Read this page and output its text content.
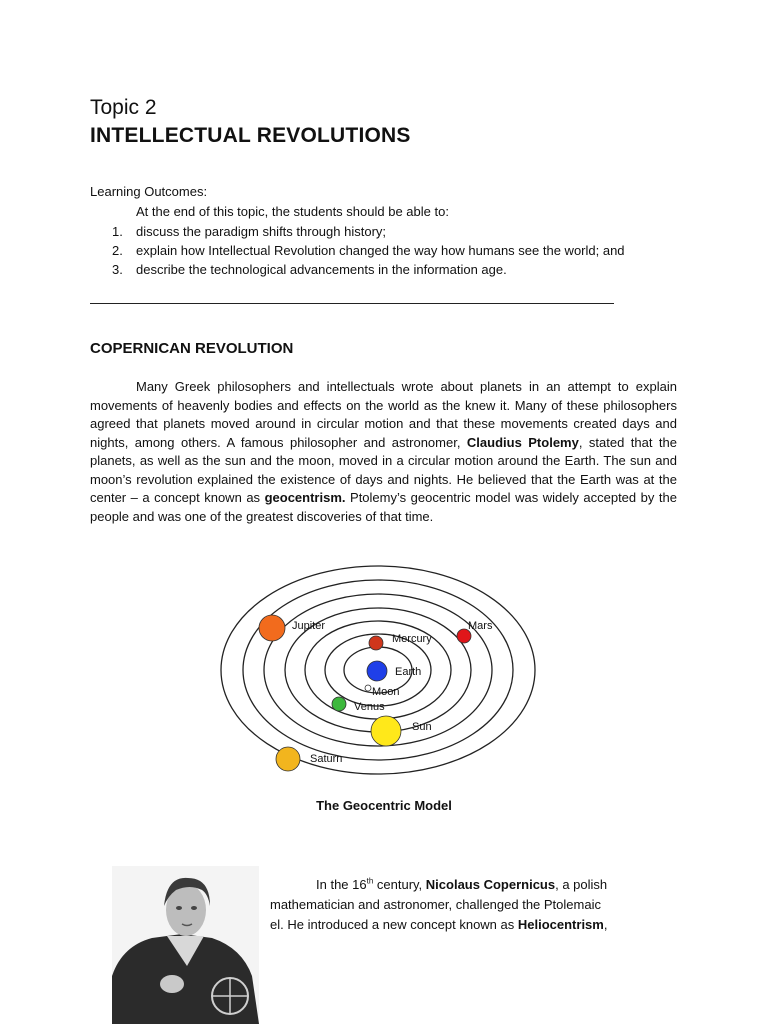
Topic 2
INTELLECTUAL REVOLUTIONS
Learning Outcomes:
At the end of this topic, the students should be able to:
1. discuss the paradigm shifts through history;
2. explain how Intellectual Revolution changed the way how humans see the world; and
3. describe the technological advancements in the information age.
COPERNICAN REVOLUTION

Many Greek philosophers and intellectuals wrote about planets in an attempt to explain movements of heavenly bodies and effects on the world as the knew it. Many of these philosophers agreed that planets moved around in circular motion and that these movements created days and nights, among others. A famous philosopher and astronomer, Claudius Ptolemy, stated that the planets, as well as the sun and the moon, moved in a circular motion around the Earth. The sun and moon’s revolution explained the existence of days and nights. He believed that the Earth was at the center – a concept known as geocentrism. Ptolemy’s geocentric model was widely accepted by the people and was one of the greatest discoveries of that time.

Jupiter
Mercury
Mars
Earth
Moon
Venus
Sun
Saturn
The Geocentric Model

In the 16th century, Nicolaus Copernicus, a polish
mathematician and astronomer, challenged the Ptolemaic
el. He introduced a new concept known as Heliocentrism,
